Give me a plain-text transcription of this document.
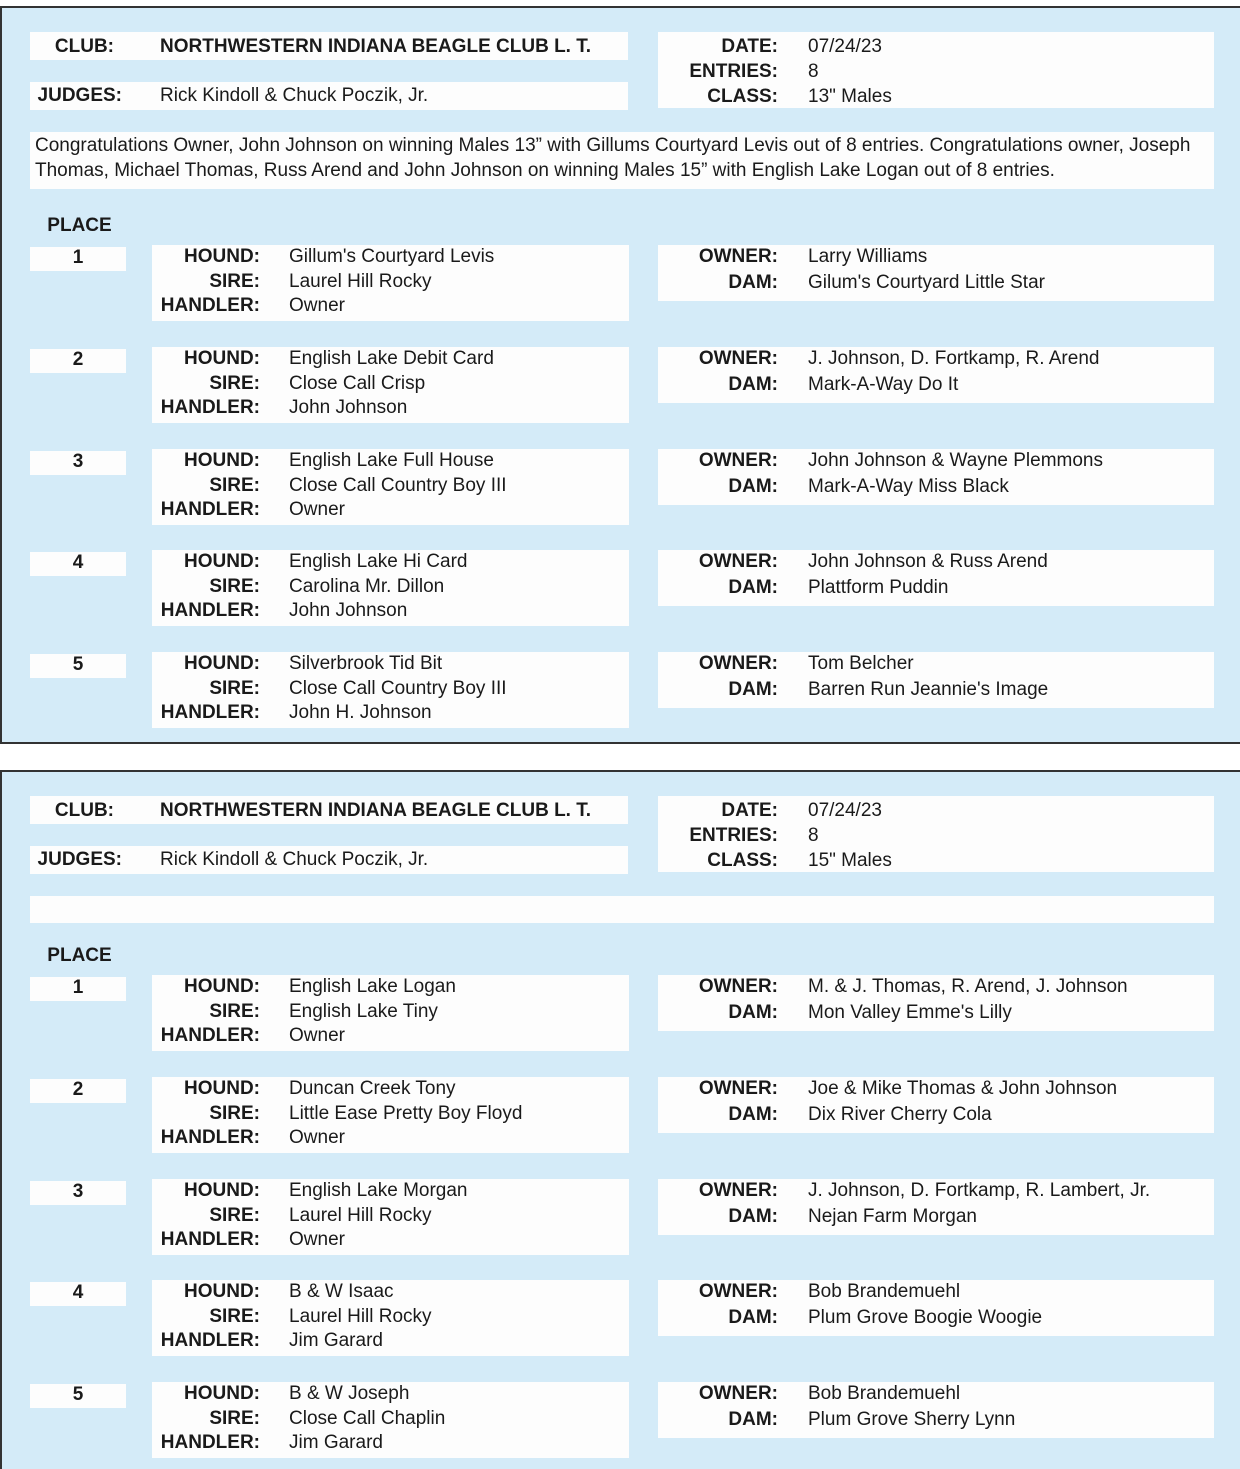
CLUB: NORTHWESTERN INDIANA BEAGLE CLUB L. T.
JUDGES: Rick Kindoll & Chuck Poczik, Jr.
DATE: 07/24/23
ENTRIES: 8
CLASS: 13" Males
Congratulations Owner, John Johnson on winning Males 13” with Gillums Courtyard Levis out of 8 entries. Congratulations owner, Joseph Thomas, Michael Thomas, Russ Arend and John Johnson on winning Males 15” with English Lake Logan out of 8 entries.
PLACE
1	HOUND: Gillum's Courtyard Levis
SIRE: Laurel Hill Rocky
HANDLER: Owner
OWNER: Larry Williams
DAM: Gilum's Courtyard Little Star
2	HOUND: English Lake Debit Card
SIRE: Close Call Crisp
HANDLER: John Johnson
OWNER: J. Johnson, D. Fortkamp, R. Arend
DAM: Mark-A-Way Do It
3	HOUND: English Lake Full House
SIRE: Close Call Country Boy III
HANDLER: Owner
OWNER: John Johnson & Wayne Plemmons
DAM: Mark-A-Way Miss Black
4	HOUND: English Lake Hi Card
SIRE: Carolina Mr. Dillon
HANDLER: John Johnson
OWNER: John Johnson & Russ Arend
DAM: Plattform Puddin
5	HOUND: Silverbrook Tid Bit
SIRE: Close Call Country Boy III
HANDLER: John H. Johnson
OWNER: Tom Belcher
DAM: Barren Run Jeannie's Image
CLUB: NORTHWESTERN INDIANA BEAGLE CLUB L. T.
JUDGES: Rick Kindoll & Chuck Poczik, Jr.
DATE: 07/24/23
ENTRIES: 8
CLASS: 15" Males
PLACE
1	HOUND: English Lake Logan
SIRE: English Lake Tiny
HANDLER: Owner
OWNER: M. & J. Thomas, R. Arend, J. Johnson
DAM: Mon Valley Emme's Lilly
2	HOUND: Duncan Creek Tony
SIRE: Little Ease Pretty Boy Floyd
HANDLER: Owner
OWNER: Joe & Mike Thomas & John Johnson
DAM: Dix River Cherry Cola
3	HOUND: English Lake Morgan
SIRE: Laurel Hill Rocky
HANDLER: Owner
OWNER: J. Johnson, D. Fortkamp, R. Lambert, Jr.
DAM: Nejan Farm Morgan
4	HOUND: B & W Isaac
SIRE: Laurel Hill Rocky
HANDLER: Jim Garard
OWNER: Bob Brandemuehl
DAM: Plum Grove Boogie Woogie
5	HOUND: B & W Joseph
SIRE: Close Call Chaplin
HANDLER: Jim Garard
OWNER: Bob Brandemuehl
DAM: Plum Grove Sherry Lynn
